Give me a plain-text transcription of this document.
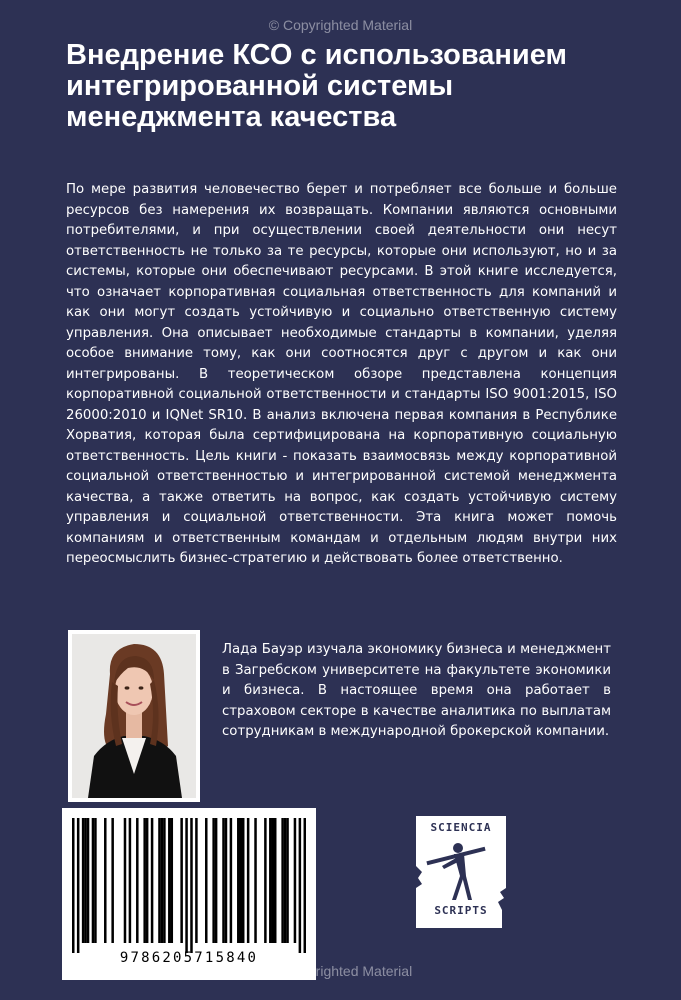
© Copyrighted Material
Внедрение КСО с использованием интегрированной системы менеджмента качества

По мере развития человечество берет и потребляет все больше и больше ресурсов без намерения их возвращать. Компании являются основными потребителями, и при осуществлении своей деятельности они несут ответственность не только за те ресурсы, которые они используют, но и за системы, которые они обеспечивают ресурсами. В этой книге исследуется, что означает корпоративная социальная ответственность для компаний и как они могут создать устойчивую и социально ответственную систему управления. Она описывает необходимые стандарты в компании, уделяя особое внимание тому, как они соотносятся друг с другом и как они интегрированы. В теоретическом обзоре представлена концепция корпоративной социальной ответственности и стандарты ISO 9001:2015, ISO 26000:2010 и IQNet SR10. В анализ включена первая компания в Республике Хорватия, которая была сертифицирована на корпоративную социальную ответственность. Цель книги - показать взаимосвязь между корпоративной социальной ответственностью и интегрированной системой менеджмента качества, а также ответить на вопрос, как создать устойчивую систему управления и социальной ответственности. Эта книга может помочь компаниям и ответственным командам и отдельным людям внутри них переосмыслить бизнес-стратегию и действовать более ответственно.

Лада Бауэр изучала экономику бизнеса и менеджмент в Загребском университете на факультете экономики и бизнеса. В настоящее время она работает в страховом секторе в качестве аналитика по выплатам сотрудникам в международной брокерской компании.

9786205715840
SCIENCIA
SCRIPTS
© Copyrighted Material
